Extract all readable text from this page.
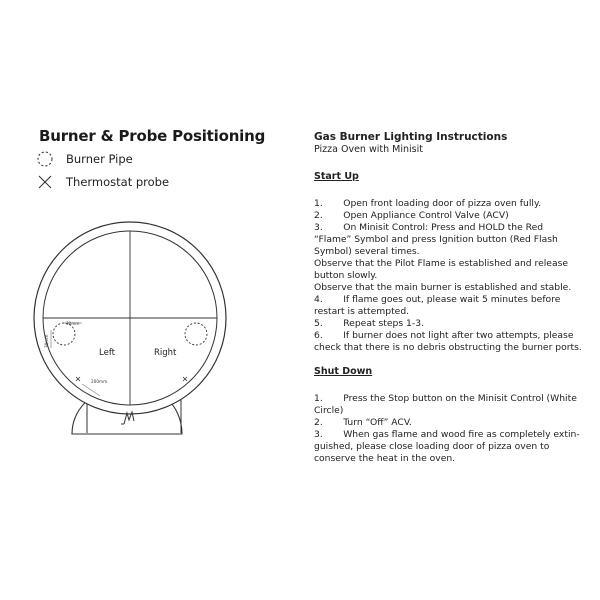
Burner & Probe Positioning
Burner Pipe
Thermostat probe
30mm
30mm
Left	Right
200mm
Gas Burner Lighting Instructions
Pizza Oven with Minisit
Start Up
1.       Open front loading door of pizza oven fully.
2.       Open Appliance Control Valve (ACV)
3.       On Minisit Control: Press and HOLD the Red “Flame” Symbol and press Ignition button (Red Flash Symbol) several times.
Observe that the Pilot Flame is established and release button slowly.
Observe that the main burner is established and stable.
4.       If flame goes out, please wait 5 minutes before restart is attempted.
5.       Repeat steps 1-3.
6.       If burner does not light after two attempts, please check that there is no debris obstructing the burner ports.
Shut Down
1.       Press the Stop button on the Minisit Control (White Circle)
2.       Turn “Off” ACV.
3.       When gas flame and wood fire as completely extin-guished, please close loading door of pizza oven to conserve the heat in the oven.
